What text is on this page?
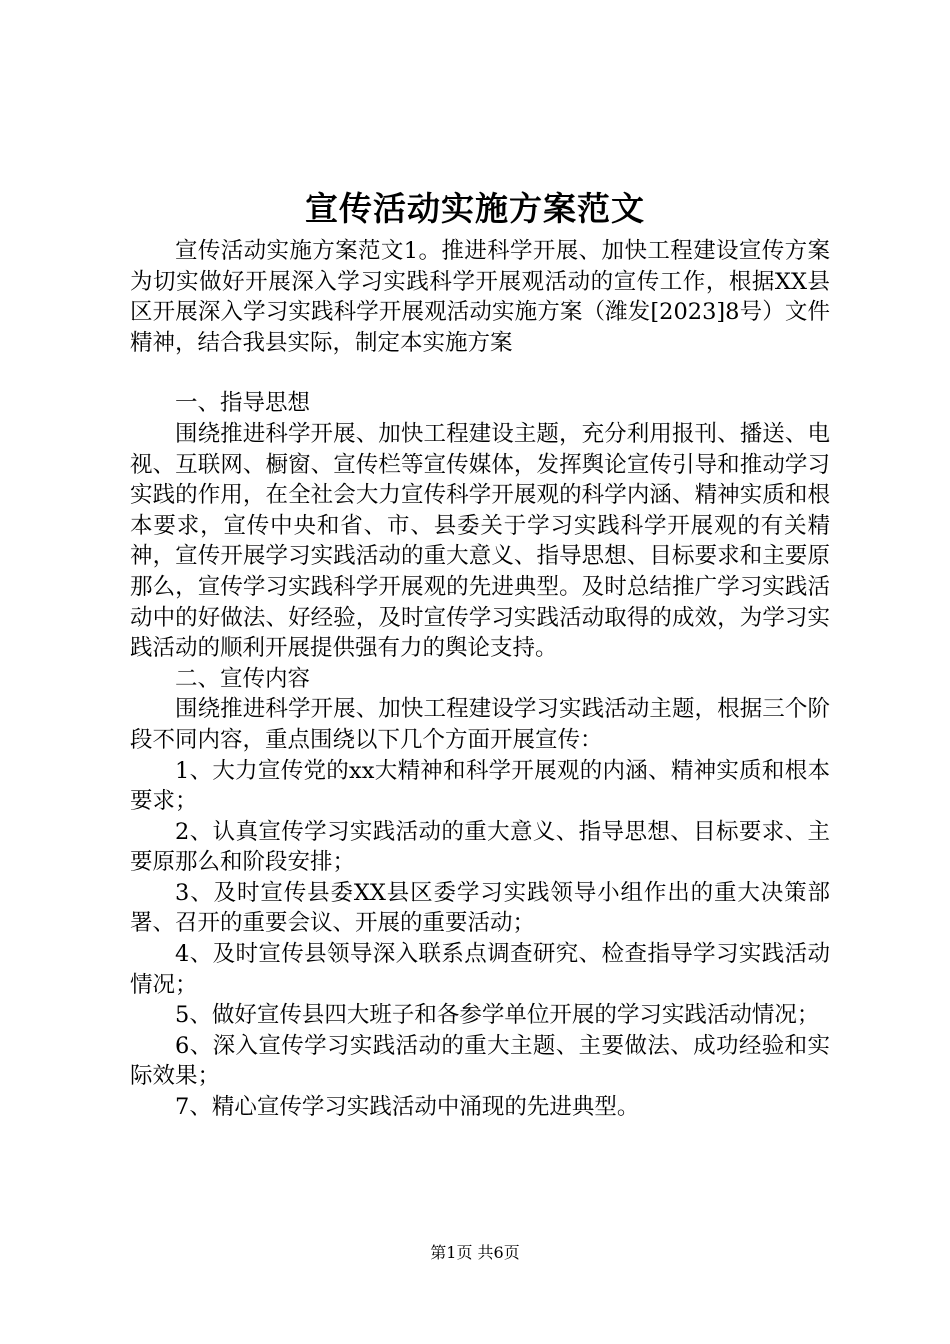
宣传活动实施方案范文

宣传活动实施方案范文1。推进科学开展、加快工程建设宣传方案为切实做好开展深入学习实践科学开展观活动的宣传工作，根据XX县区开展深入学习实践科学开展观活动实施方案（潍发[2023]8号）文件精神，结合我县实际，制定本实施方案

一、指导思想

围绕推进科学开展、加快工程建设主题，充分利用报刊、播送、电视、互联网、橱窗、宣传栏等宣传媒体，发挥舆论宣传引导和推动学习实践的作用，在全社会大力宣传科学开展观的科学内涵、精神实质和根本要求，宣传中央和省、市、县委关于学习实践科学开展观的有关精神，宣传开展学习实践活动的重大意义、指导思想、目标要求和主要原那么，宣传学习实践科学开展观的先进典型。及时总结推广学习实践活动中的好做法、好经验，及时宣传学习实践活动取得的成效，为学习实践活动的顺利开展提供强有力的舆论支持。

二、宣传内容

围绕推进科学开展、加快工程建设学习实践活动主题，根据三个阶段不同内容，重点围绕以下几个方面开展宣传：

1、大力宣传党的xx大精神和科学开展观的内涵、精神实质和根本要求；

2、认真宣传学习实践活动的重大意义、指导思想、目标要求、主要原那么和阶段安排；

3、及时宣传县委XX县区委学习实践领导小组作出的重大决策部署、召开的重要会议、开展的重要活动；

4、及时宣传县领导深入联系点调查研究、检查指导学习实践活动情况；

5、做好宣传县四大班子和各参学单位开展的学习实践活动情况；

6、深入宣传学习实践活动的重大主题、主要做法、成功经验和实际效果；

7、精心宣传学习实践活动中涌现的先进典型。

第1页 共6页
